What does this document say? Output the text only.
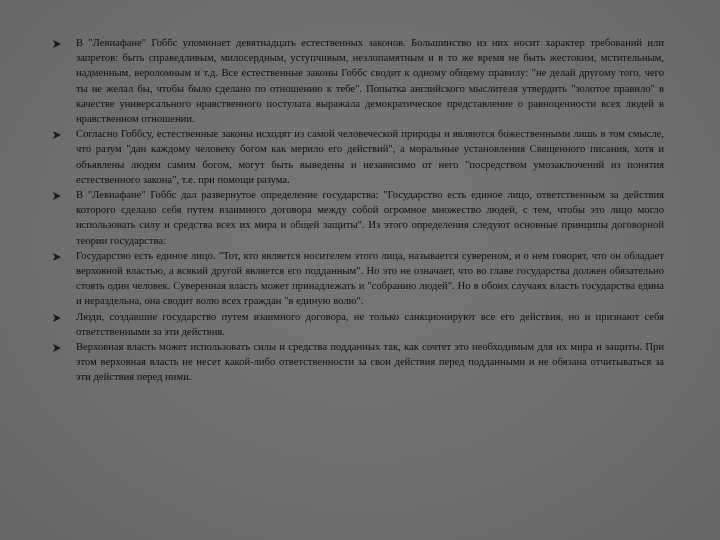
В "Левиафане" Гоббс упоминает девятнадцать естественных законов. Большинство из них носит характер требований или запретов: быть справедливым, милосердным, уступчивым, незлопамятным и в то же время не быть жестоким, мстительным, надменным, вероломным и т.д. Все естественные законы Гоббс сводит к одному общему правилу: "не делай другому того, чего ты не желал бы, чтобы было сделано по отношению к тебе". Попытка английского мыслителя утвердить "золотое правило" в качестве универсального нравственного постулата выражала демократическое представление о равноценности всех людей в нравственном отношении.
Согласно Гоббсу, естественные законы исходят из самой человеческой природы и являются божественными лишь в том смысле, что разум "дан каждому человеку богом как мерило его действий", а моральные установления Священного писания, хотя и объявлены людям самим богом, могут быть выведены и независимо от него "посредством умозаключений из понятия естественного закона", т.е. при помощи разума.
В "Левиафане" Гоббс дал развернутое определение государства: "Государство есть единое лицо, ответственным за действия которого сделало себя путем взаимного договора между собой огромное множество людей, с тем, чтобы это лицо могло использовать силу и средства всех их мира и общей защиты". Из этого определения следуют основные принципы договорной теории государства:
Государство есть единое лицо. "Тот, кто является носителем этого лица, называется сувереном, и о нем говорят, что он обладает верховной властью, а всякий другой является его подданным". Но это не означает, что во главе государства должен обязательно стоять один человек. Суверенная власть может принадлежать и "собранию людей". Но в обоих случаях власть государства едина и нераздельна, она сводит волю всех граждан "в единую волю".
Люди, создавшие государство путем взаимного договора, не только санкционируют все его действия, но и признают себя ответственными за эти действия.
Верховная власть может использовать силы и средства подданных так, как сочтет это необходимым для их мира и защиты. При этом верховная власть не несет какой-либо ответственности за свои действия перед подданными и не обязана отчитываться за эти действия перед ними.
